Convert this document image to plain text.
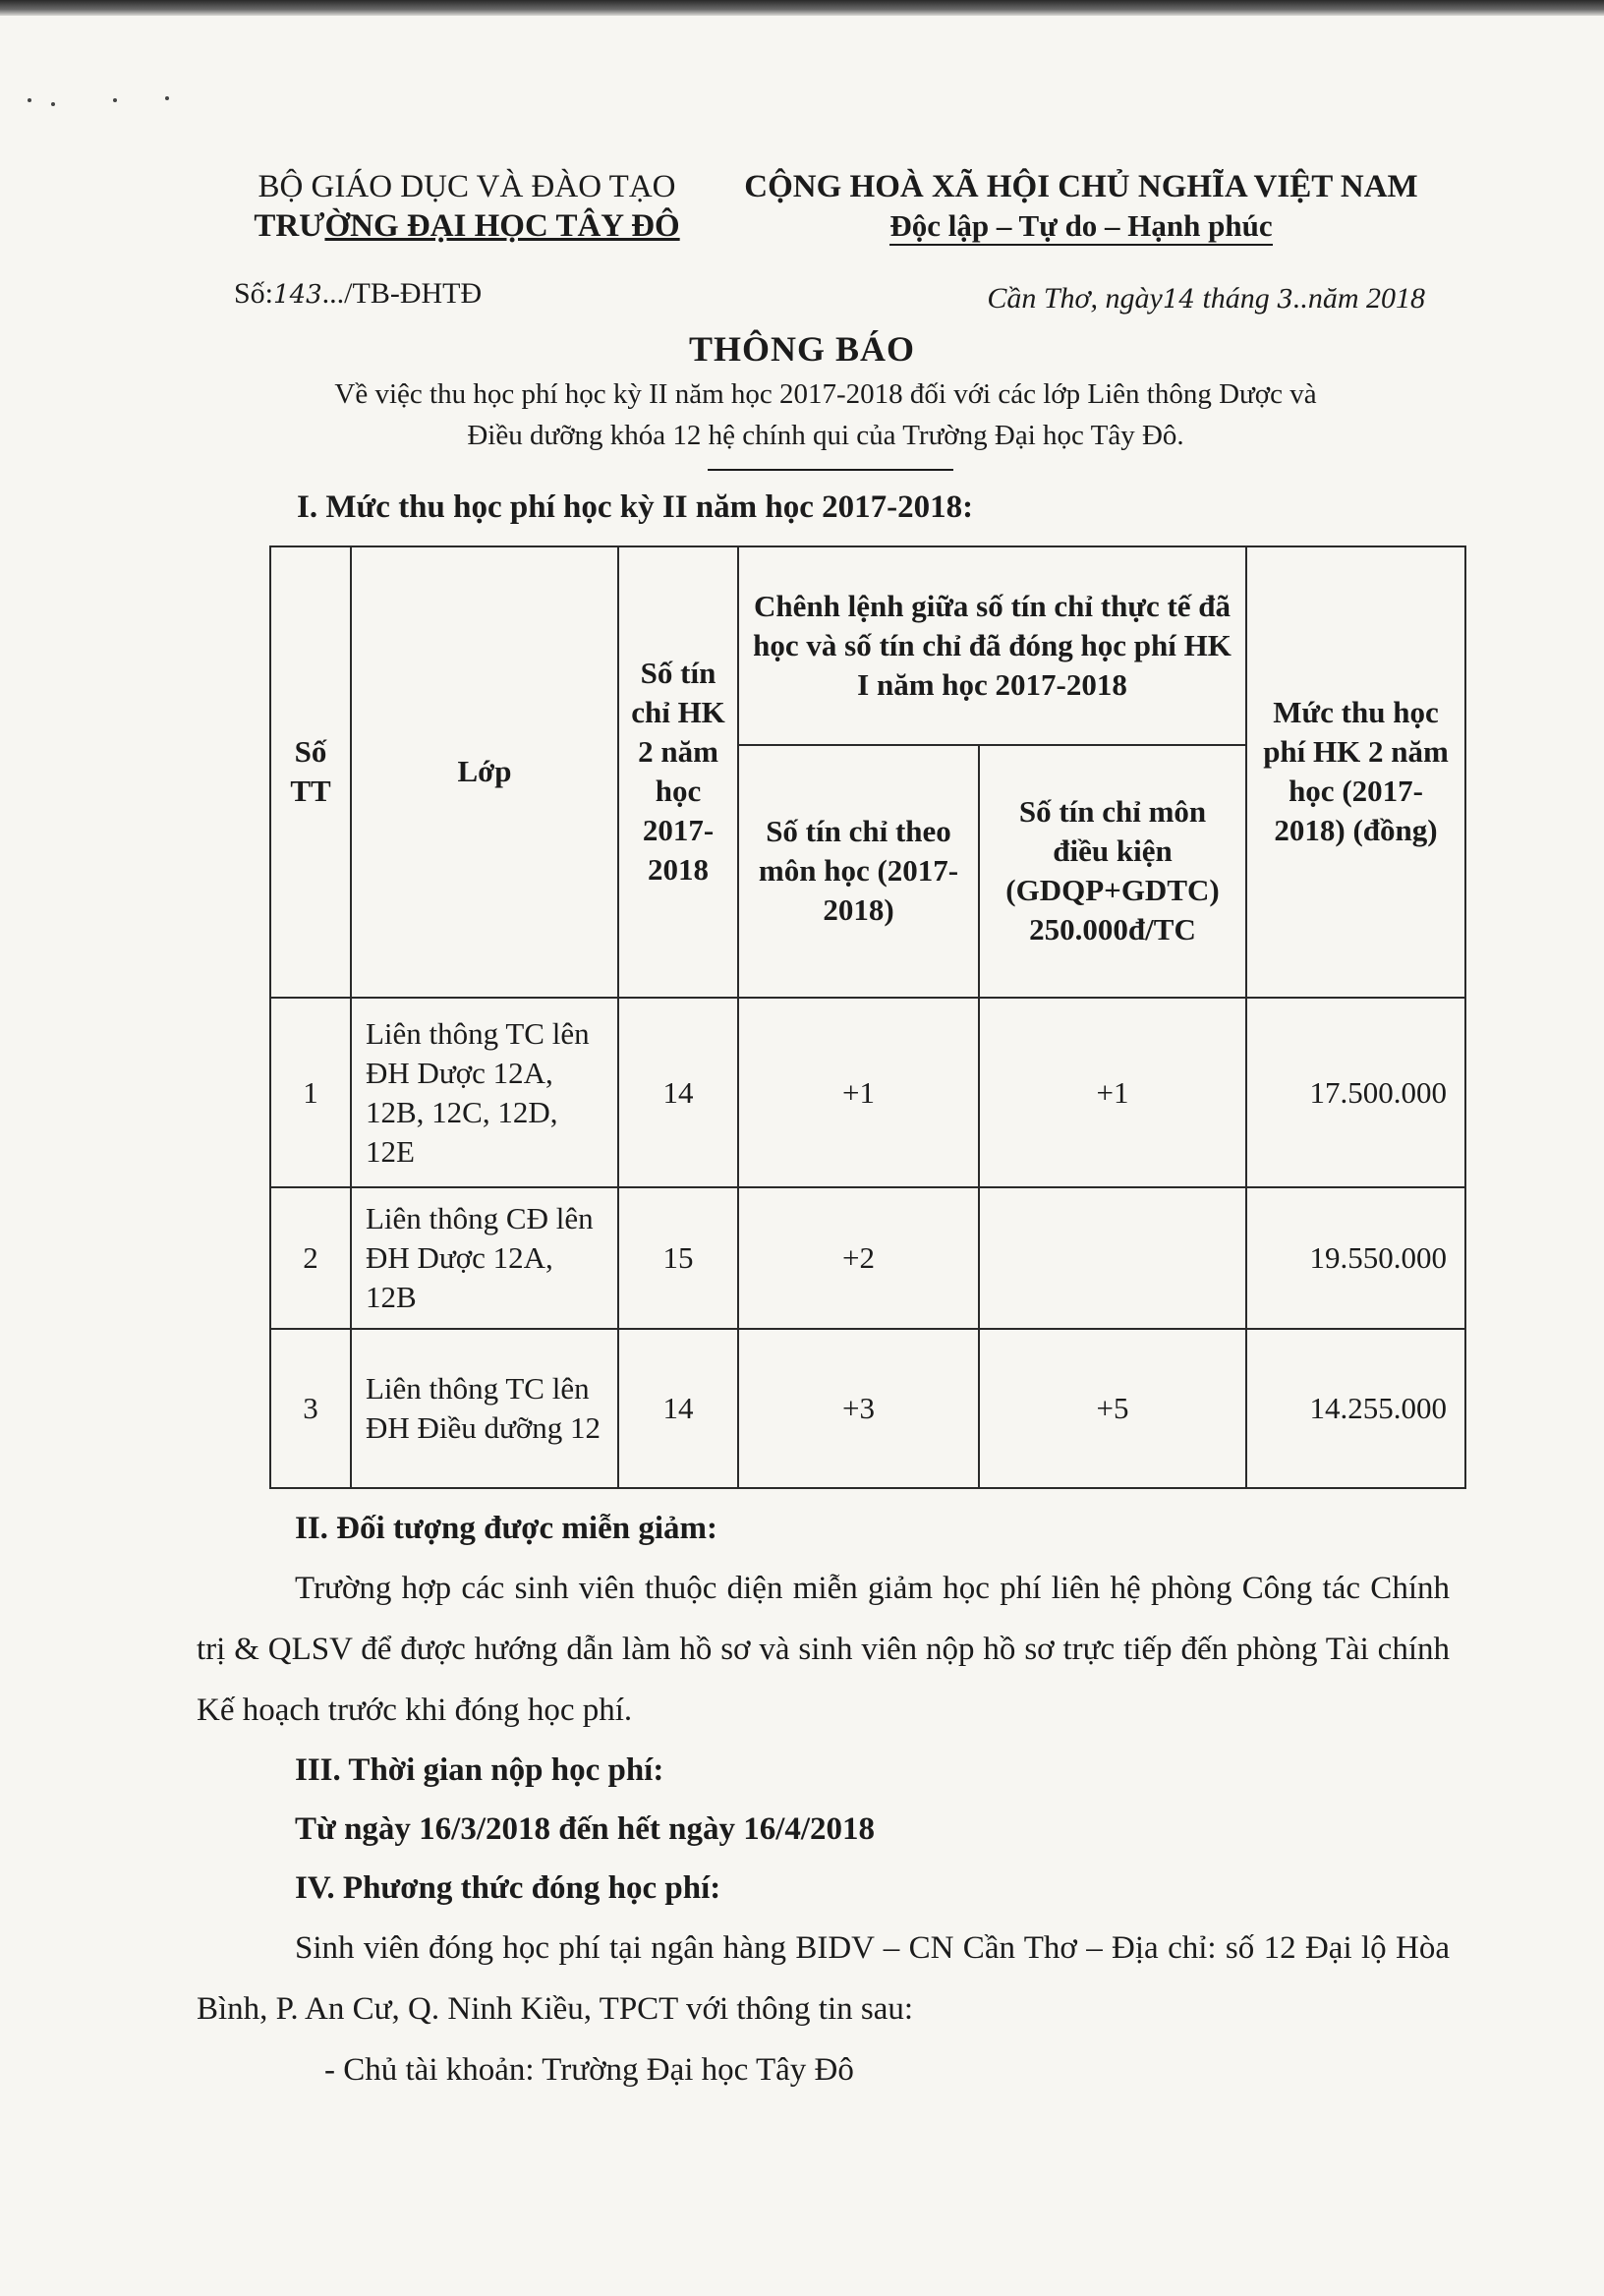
BỘ GIÁO DỤC VÀ ĐÀO TẠO
TRƯỜNG ĐẠI HỌC TÂY ĐÔ
CỘNG HOÀ XÃ HỘI CHỦ NGHĨA VIỆT NAM
Độc lập – Tự do – Hạnh phúc
Số:143.../TB-ĐHTĐ	Cần Thơ, ngày14 tháng 3..năm 2018
THÔNG BÁO
Về việc thu học phí học kỳ II năm học 2017-2018 đối với các lớp Liên thông Dược và
Điều dưỡng khóa 12 hệ chính qui của Trường Đại học Tây Đô.
I. Mức thu học phí học kỳ II năm học 2017-2018:
Số TT	Lớp	Số tín chỉ HK 2 năm học 2017-2018	Chênh lệnh giữa số tín chỉ thực tế đã học và số tín chỉ đã đóng học phí HK I năm học 2017-2018		Mức thu học phí HK 2 năm học (2017-2018) (đồng)
			Số tín chỉ theo môn học (2017-2018)	Số tín chỉ môn điều kiện (GDQP+GDTC) 250.000đ/TC	
1	Liên thông TC lên ĐH Dược 12A, 12B, 12C, 12D, 12E	14	+1	+1	17.500.000
2	Liên thông CĐ lên ĐH Dược 12A, 12B	15	+2		19.550.000
3	Liên thông TC lên ĐH Điều dưỡng 12	14	+3	+5	14.255.000

II. Đối tượng được miễn giảm:

Trường hợp các sinh viên thuộc diện miễn giảm học phí liên hệ phòng Công tác Chính trị & QLSV để được hướng dẫn làm hồ sơ và sinh viên nộp hồ sơ trực tiếp đến phòng Tài chính Kế hoạch trước khi đóng học phí.

III. Thời gian nộp học phí:

Từ ngày 16/3/2018 đến hết ngày 16/4/2018

IV. Phương thức đóng học phí:

Sinh viên đóng học phí tại ngân hàng BIDV – CN Cần Thơ – Địa chỉ: số 12 Đại lộ Hòa Bình, P. An Cư, Q. Ninh Kiều, TPCT với thông tin sau:

- Chủ tài khoản: Trường Đại học Tây Đô
